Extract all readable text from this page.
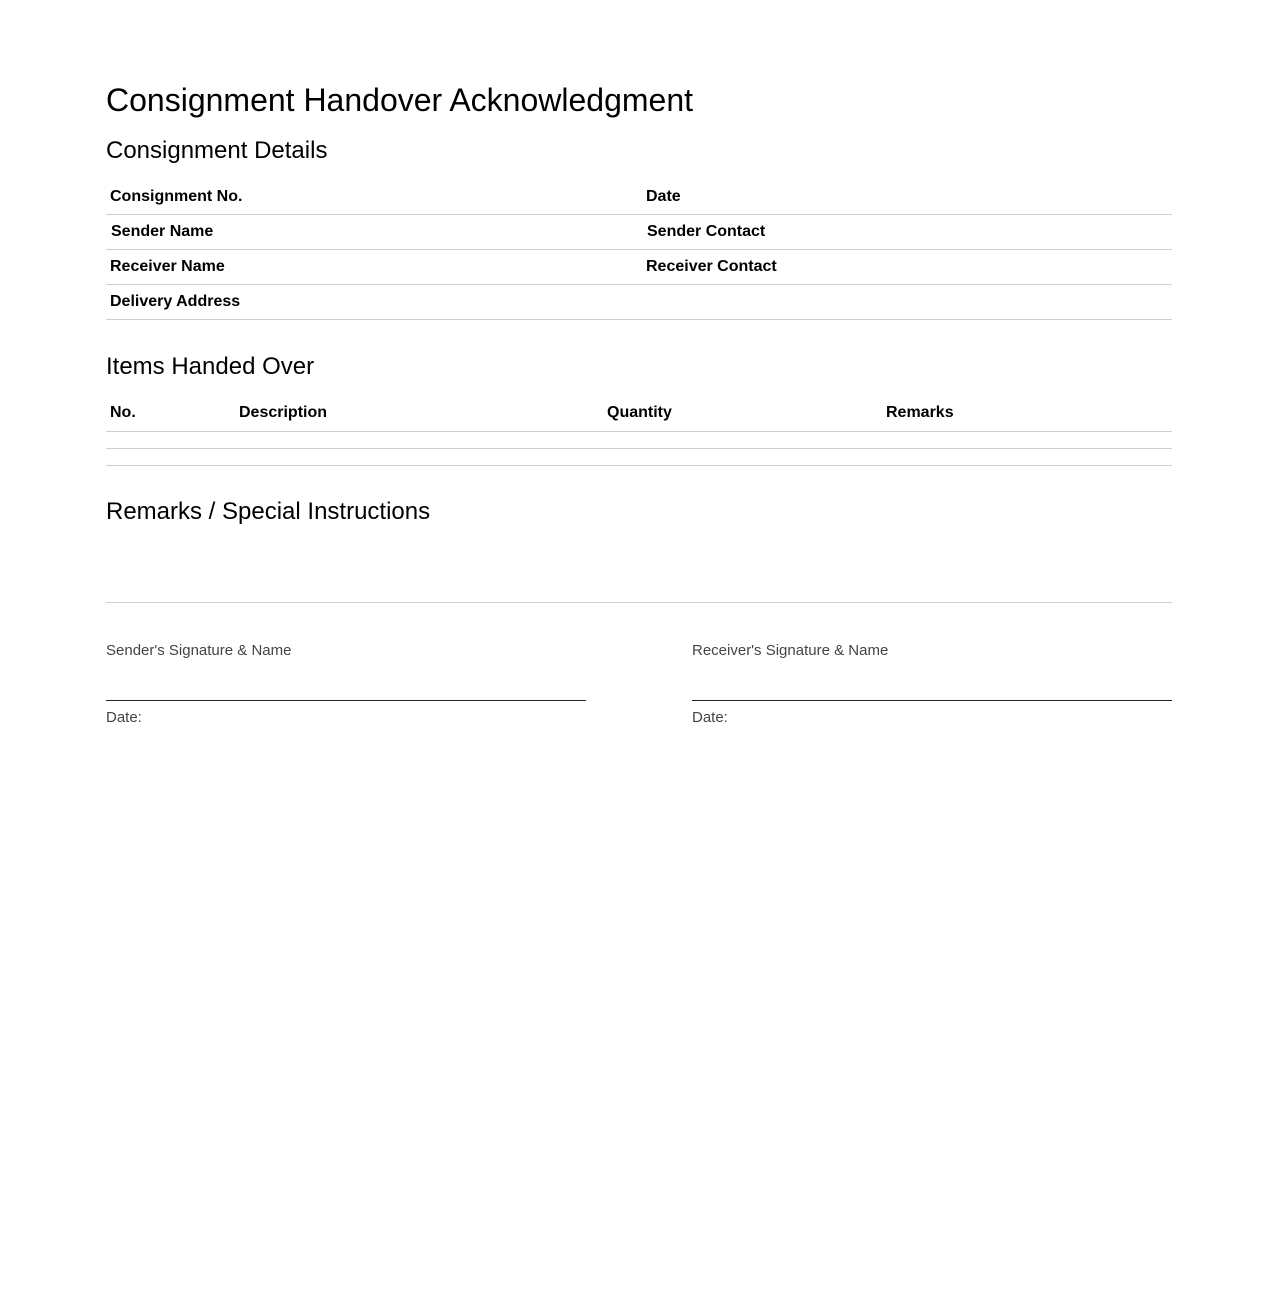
Consignment Handover Acknowledgment
Consignment Details
Consignment No.	Date
Sender Name	Sender Contact
Receiver Name	Receiver Contact
Delivery Address
Items Handed Over
No.	Description	Quantity	Remarks
Remarks / Special Instructions
Sender's Signature & Name
Date:
Receiver's Signature & Name
Date:
